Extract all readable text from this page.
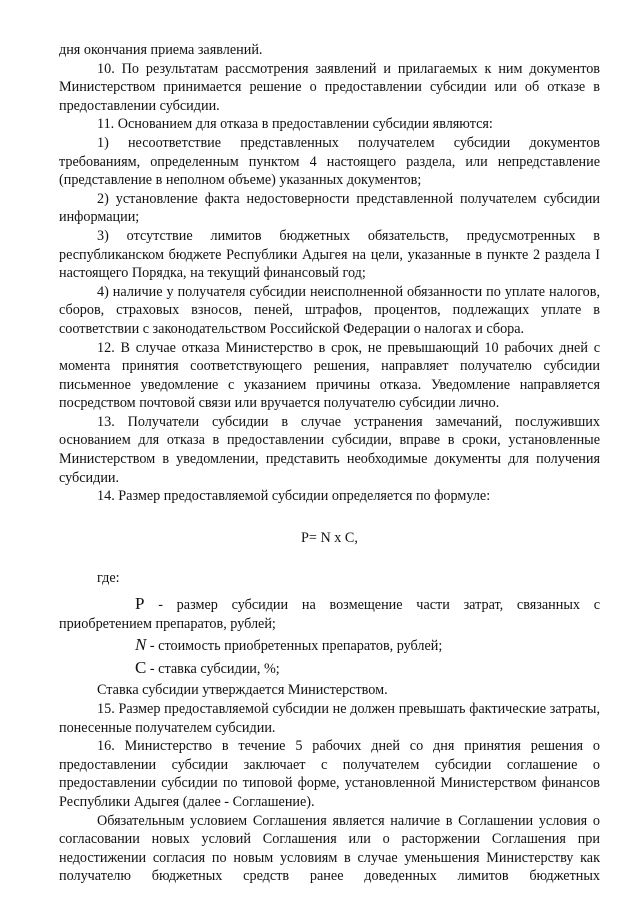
дня окончания приема заявлений.

10. По результатам рассмотрения заявлений и прилагаемых к ним документов Министерством принимается решение о предоставлении субсидии или об отказе в предоставлении субсидии.

11. Основанием для отказа в предоставлении субсидии являются:

1) несоответствие представленных получателем субсидии документов требованиям, определенным пунктом 4 настоящего раздела, или непредставление (представление в неполном объеме) указанных документов;

2) установление факта недостоверности представленной получателем субсидии информации;

3) отсутствие лимитов бюджетных обязательств, предусмотренных в республиканском бюджете Республики Адыгея на цели, указанные в пункте 2 раздела I настоящего Порядка, на текущий финансовый год;

4) наличие у получателя субсидии неисполненной обязанности по уплате налогов, сборов, страховых взносов, пеней, штрафов, процентов, подлежащих уплате в соответствии с законодательством Российской Федерации о налогах и сбора.

12. В случае отказа Министерство в срок, не превышающий 10 рабочих дней с момента принятия соответствующего решения, направляет получателю субсидии письменное уведомление с указанием причины отказа. Уведомление направляется посредством почтовой связи или вручается получателю субсидии лично.

13. Получатели субсидии в случае устранения замечаний, послуживших основанием для отказа в предоставлении субсидии, вправе в сроки, установленные Министерством в уведомлении, представить необходимые документы для получения субсидии.

14. Размер предоставляемой субсидии определяется по формуле:

P= N x C,

где:

P - размер субсидии на возмещение части затрат, связанных с приобретением препаратов, рублей;

N - стоимость приобретенных препаратов, рублей;

C - ставка субсидии, %;

Ставка субсидии утверждается Министерством.

15. Размер предоставляемой субсидии не должен превышать фактические затраты, понесенные получателем субсидии.

16. Министерство в течение 5 рабочих дней со дня принятия решения о предоставлении субсидии заключает с получателем субсидии соглашение о предоставлении субсидии по типовой форме, установленной Министерством финансов Республики Адыгея (далее - Соглашение).

Обязательным условием Соглашения является наличие в Соглашении условия о согласовании новых условий Соглашения или о расторжении Соглашения при недостижении согласия по новым условиям в случае уменьшения Министерству как получателю бюджетных средств ранее доведенных лимитов бюджетных
